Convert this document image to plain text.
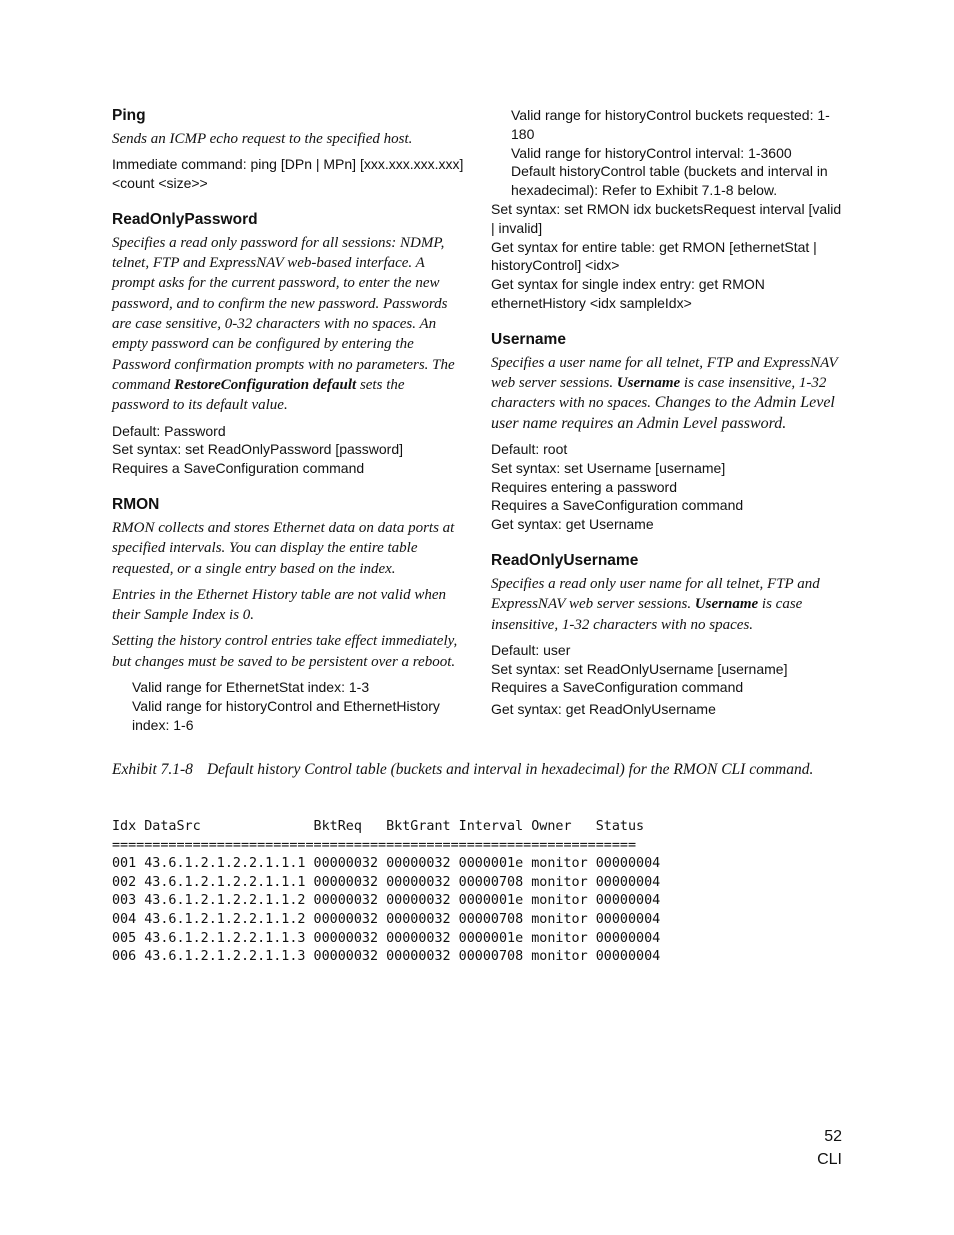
Ping
Sends an ICMP echo request to the specified host.
Immediate command: ping [DPn | MPn] [xxx.xxx.xxx.xxx]
<count <size>>
ReadOnlyPassword
Specifies a read only password for all sessions: NDMP, telnet, FTP and ExpressNAV web-based interface. A prompt asks for the current password, to enter the new password, and to confirm the new password. Passwords are case sensitive, 0-32 characters with no spaces. An empty password can be configured by entering the Password confirmation prompts with no parameters. The command RestoreConfiguration default sets the password to its default value.
Default: Password
Set syntax: set ReadOnlyPassword [password]
Requires a SaveConfiguration command
RMON
RMON collects and stores Ethernet data on data ports at specified intervals. You can display the entire table requested, or a single entry based on the index.
Entries in the Ethernet History table are not valid when their Sample Index is 0.
Setting the history control entries take effect immediately, but changes must be saved to be persistent over a reboot.
Valid range for EthernetStat index: 1-3
Valid range for historyControl and EthernetHistory index: 1-6
Valid range for historyControl buckets requested: 1-180
Valid range for historyControl interval: 1-3600
Default historyControl table (buckets and interval in hexadecimal): Refer to Exhibit 7.1-8 below.
Set syntax: set RMON idx bucketsRequest interval [valid | invalid]
Get syntax for entire table: get RMON [ethernetStat | historyControl] <idx>
Get syntax for single index entry: get RMON ethernetHistory <idx sampleIdx>
Username
Specifies a user name for all telnet, FTP and ExpressNAV web server sessions. Username is case insensitive, 1-32 characters with no spaces. Changes to the Admin Level user name requires an Admin Level password.
Default: root
Set syntax: set Username [username]
Requires entering a password
Requires a SaveConfiguration command
Get syntax: get Username
ReadOnlyUsername
Specifies a read only user name for all telnet, FTP and ExpressNAV web server sessions. Username is case insensitive, 1-32 characters with no spaces.
Default: user
Set syntax: set ReadOnlyUsername [username]
Requires a SaveConfiguration command
Get syntax: get ReadOnlyUsername
Exhibit 7.1-8 Default history Control table (buckets and interval in hexadecimal) for the RMON CLI command.
Idx DataSrc              BktReq   BktGrant Interval Owner   Status
=================================================================
001 43.6.1.2.1.2.2.1.1.1 00000032 00000032 0000001e monitor 00000004
002 43.6.1.2.1.2.2.1.1.1 00000032 00000032 00000708 monitor 00000004
003 43.6.1.2.1.2.2.1.1.2 00000032 00000032 0000001e monitor 00000004
004 43.6.1.2.1.2.2.1.1.2 00000032 00000032 00000708 monitor 00000004
005 43.6.1.2.1.2.2.1.1.3 00000032 00000032 0000001e monitor 00000004
006 43.6.1.2.1.2.2.1.1.3 00000032 00000032 00000708 monitor 00000004
52
CLI
